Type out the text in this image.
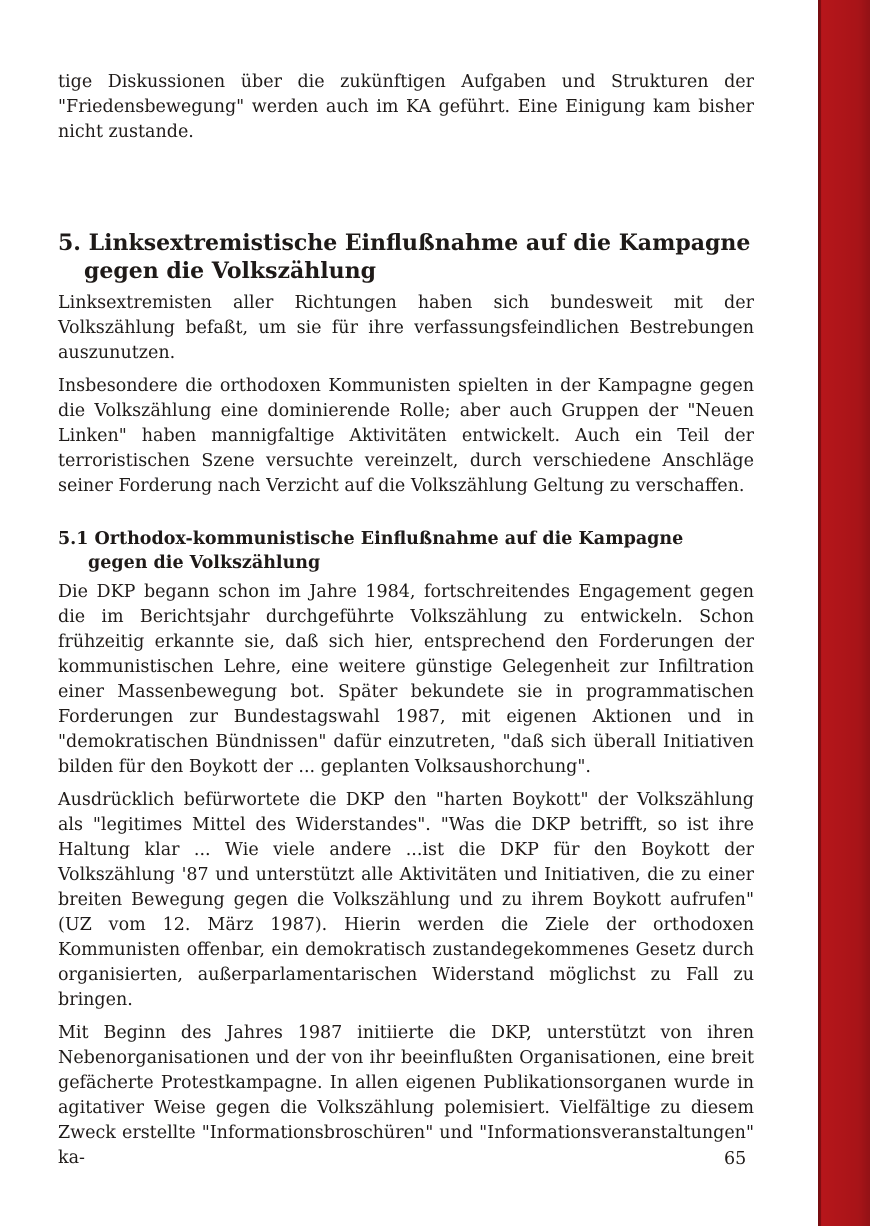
tige Diskussionen über die zukünftigen Aufgaben und Strukturen der "Friedensbewegung" werden auch im KA geführt. Eine Einigung kam bisher nicht zustande.

5. Linksextremistische Einflußnahme auf die Kampagne
gegen die Volkszählung

Linksextremisten aller Richtungen haben sich bundesweit mit der Volkszählung befaßt, um sie für ihre verfassungsfeindlichen Bestrebungen auszunutzen.

Insbesondere die orthodoxen Kommunisten spielten in der Kampagne gegen die Volkszählung eine dominierende Rolle; aber auch Gruppen der "Neuen Linken" haben mannigfaltige Aktivitäten entwickelt. Auch ein Teil der terroristischen Szene versuchte vereinzelt, durch verschiedene Anschläge seiner Forderung nach Verzicht auf die Volkszählung Geltung zu verschaffen.

5.1 Orthodox-kommunistische Einflußnahme auf die Kampagne
gegen die Volkszählung

Die DKP begann schon im Jahre 1984, fortschreitendes Engagement gegen die im Berichtsjahr durchgeführte Volkszählung zu entwickeln. Schon frühzeitig erkannte sie, daß sich hier, entsprechend den Forderungen der kommunistischen Lehre, eine weitere günstige Gelegenheit zur Infiltration einer Massenbewegung bot. Später bekundete sie in programmatischen Forderungen zur Bundestagswahl 1987, mit eigenen Aktionen und in "demokratischen Bündnissen" dafür einzutreten, "daß sich überall Initiativen bilden für den Boykott der ... geplanten Volksaushorchung".

Ausdrücklich befürwortete die DKP den "harten Boykott" der Volkszählung als "legitimes Mittel des Widerstandes". "Was die DKP betrifft, so ist ihre Haltung klar ... Wie viele andere ...ist die DKP für den Boykott der Volkszählung '87 und unterstützt alle Aktivitäten und Initiativen, die zu einer breiten Bewegung gegen die Volkszählung und zu ihrem Boykott aufrufen" (UZ vom 12. März 1987). Hierin werden die Ziele der orthodoxen Kommunisten offenbar, ein demokratisch zustandegekommenes Gesetz durch organisierten, außerparlamentarischen Widerstand möglichst zu Fall zu bringen.

Mit Beginn des Jahres 1987 initiierte die DKP, unterstützt von ihren Nebenorganisationen und der von ihr beeinflußten Organisationen, eine breit gefächerte Protestkampagne. In allen eigenen Publikationsorganen wurde in agitativer Weise gegen die Volkszählung polemisiert. Vielfältige zu diesem Zweck erstellte "Informationsbroschüren" und "Informationsveranstaltungen" ka-	65
